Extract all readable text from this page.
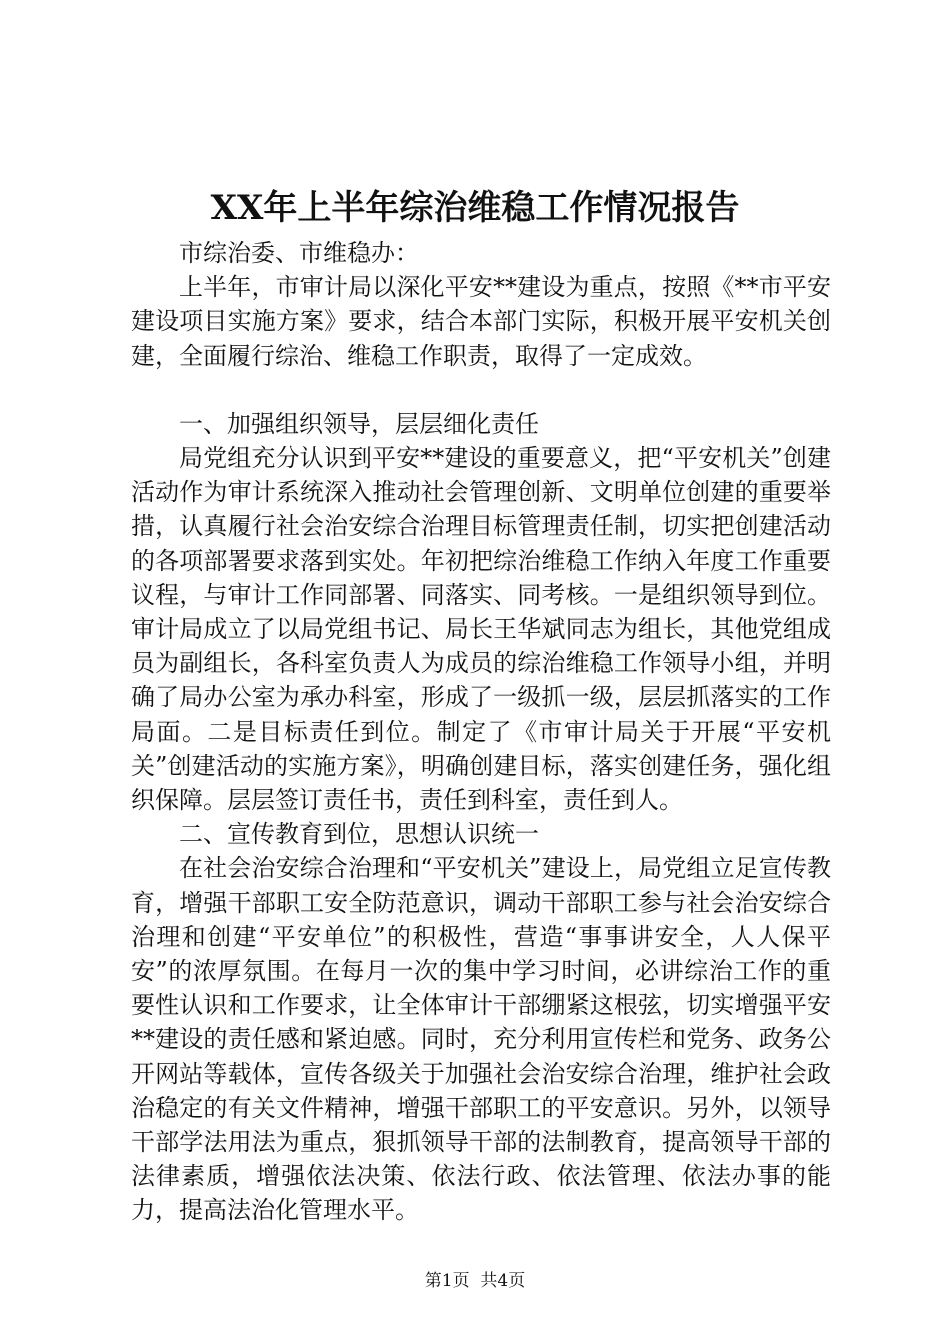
XX年上半年综治维稳工作情况报告

市综治委、市维稳办：

上半年，市审计局以深化平安**建设为重点，按照《**市平安建设项目实施方案》要求，结合本部门实际，积极开展平安机关创建，全面履行综治、维稳工作职责，取得了一定成效。

一、加强组织领导，层层细化责任

局党组充分认识到平安**建设的重要意义，把“平安机关”创建活动作为审计系统深入推动社会管理创新、文明单位创建的重要举措，认真履行社会治安综合治理目标管理责任制，切实把创建活动的各项部署要求落到实处。年初把综治维稳工作纳入年度工作重要议程，与审计工作同部署、同落实、同考核。一是组织领导到位。审计局成立了以局党组书记、局长王华斌同志为组长，其他党组成员为副组长，各科室负责人为成员的综治维稳工作领导小组，并明确了局办公室为承办科室，形成了一级抓一级，层层抓落实的工作局面。二是目标责任到位。制定了《市审计局关于开展“平安机关”创建活动的实施方案》，明确创建目标，落实创建任务，强化组织保障。层层签订责任书，责任到科室，责任到人。

二、宣传教育到位，思想认识统一

在社会治安综合治理和“平安机关”建设上，局党组立足宣传教育，增强干部职工安全防范意识，调动干部职工参与社会治安综合治理和创建“平安单位”的积极性，营造“事事讲安全，人人保平安”的浓厚氛围。在每月一次的集中学习时间，必讲综治工作的重要性认识和工作要求，让全体审计干部绷紧这根弦，切实增强平安**建设的责任感和紧迫感。同时，充分利用宣传栏和党务、政务公开网站等载体，宣传各级关于加强社会治安综合治理，维护社会政治稳定的有关文件精神，增强干部职工的平安意识。另外，以领导干部学法用法为重点，狠抓领导干部的法制教育，提高领导干部的法律素质，增强依法决策、依法行政、依法管理、依法办事的能力，提高法治化管理水平。

第1页  共4页
